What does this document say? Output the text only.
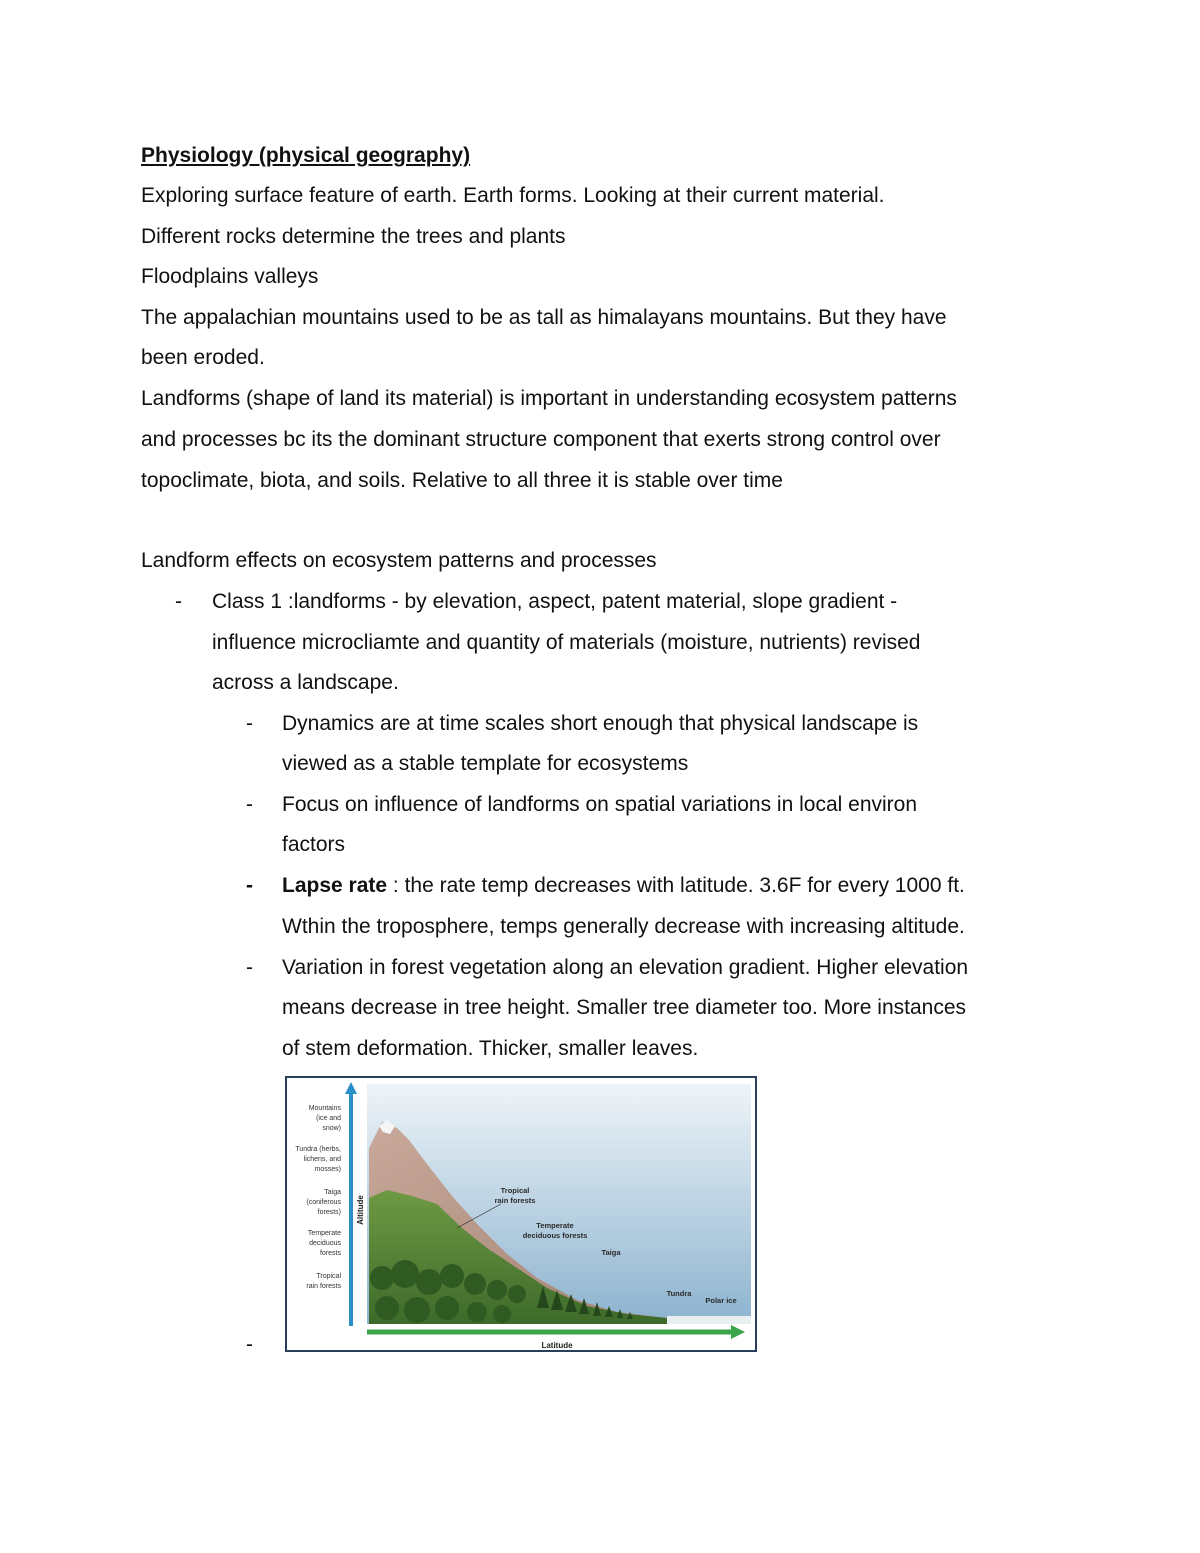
Physiology (physical geography)
Exploring surface feature of earth. Earth forms. Looking at their current material.
Different rocks determine the trees and plants
Floodplains valleys
The appalachian mountains used to be as tall as himalayans mountains. But they have
been eroded.
Landforms (shape of land its material) is important in understanding ecosystem patterns
and processes bc its the dominant structure component that exerts strong control over
topoclimate, biota, and soils. Relative to all three it is stable over time
Landform effects on ecosystem patterns and processes
- Class 1 :landforms - by elevation, aspect, patent material, slope gradient -
influence microcliamte and quantity of materials (moisture, nutrients) revised
across a landscape.
- Dynamics are at time scales short enough that physical landscape is
viewed as a stable template for ecosystems
- Focus on influence of landforms on spatial variations in local environ
factors
- Lapse rate : the rate temp decreases with latitude. 3.6F for every 1000 ft.
Wthin the troposphere, temps generally decrease with increasing altitude.
- Variation in forest vegetation along an elevation gradient. Higher elevation
means decrease in tree height. Smaller tree diameter too. More instances
of stem deformation. Thicker, smaller leaves.
-
Altitude
Latitude
Mountains
(ice and
snow)
Tundra (herbs,
lichens, and
mosses)
Taiga
(coniferous
forests)
Temperate
deciduous
forests
Tropical
rain forests
Tropical
rain forests
Temperate
deciduous forests
Taiga
Tundra
Polar ice
